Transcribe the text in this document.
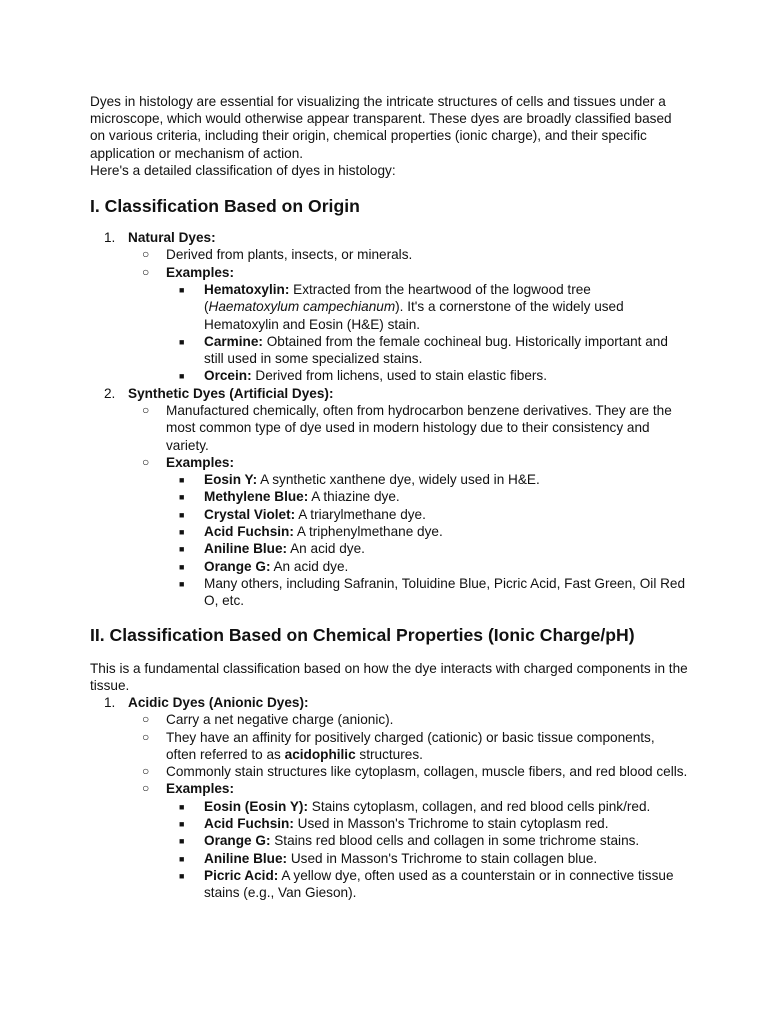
Dyes in histology are essential for visualizing the intricate structures of cells and tissues under a microscope, which would otherwise appear transparent. These dyes are broadly classified based on various criteria, including their origin, chemical properties (ionic charge), and their specific application or mechanism of action.

Here's a detailed classification of dyes in histology:

I. Classification Based on Origin
1. Natural Dyes:
○	Derived from plants, insects, or minerals.
○	Examples:
■	Hematoxylin: Extracted from the heartwood of the logwood tree (Haematoxylum campechianum). It's a cornerstone of the widely used Hematoxylin and Eosin (H&E) stain.
■	Carmine: Obtained from the female cochineal bug. Historically important and still used in some specialized stains.
■	Orcein: Derived from lichens, used to stain elastic fibers.
2. Synthetic Dyes (Artificial Dyes):
○	Manufactured chemically, often from hydrocarbon benzene derivatives. They are the most common type of dye used in modern histology due to their consistency and variety.
○	Examples:
■	Eosin Y: A synthetic xanthene dye, widely used in H&E.
■	Methylene Blue: A thiazine dye.
■	Crystal Violet: A triarylmethane dye.
■	Acid Fuchsin: A triphenylmethane dye.
■	Aniline Blue: An acid dye.
■	Orange G: An acid dye.
■	Many others, including Safranin, Toluidine Blue, Picric Acid, Fast Green, Oil Red O, etc.
II. Classification Based on Chemical Properties (Ionic Charge/pH)

This is a fundamental classification based on how the dye interacts with charged components in the tissue.

1. Acidic Dyes (Anionic Dyes):
○	Carry a net negative charge (anionic).
○	They have an affinity for positively charged (cationic) or basic tissue components, often referred to as acidophilic structures.
○	Commonly stain structures like cytoplasm, collagen, muscle fibers, and red blood cells.
○	Examples:
■	Eosin (Eosin Y): Stains cytoplasm, collagen, and red blood cells pink/red.
■	Acid Fuchsin: Used in Masson's Trichrome to stain cytoplasm red.
■	Orange G: Stains red blood cells and collagen in some trichrome stains.
■	Aniline Blue: Used in Masson's Trichrome to stain collagen blue.
■	Picric Acid: A yellow dye, often used as a counterstain or in connective tissue stains (e.g., Van Gieson).
